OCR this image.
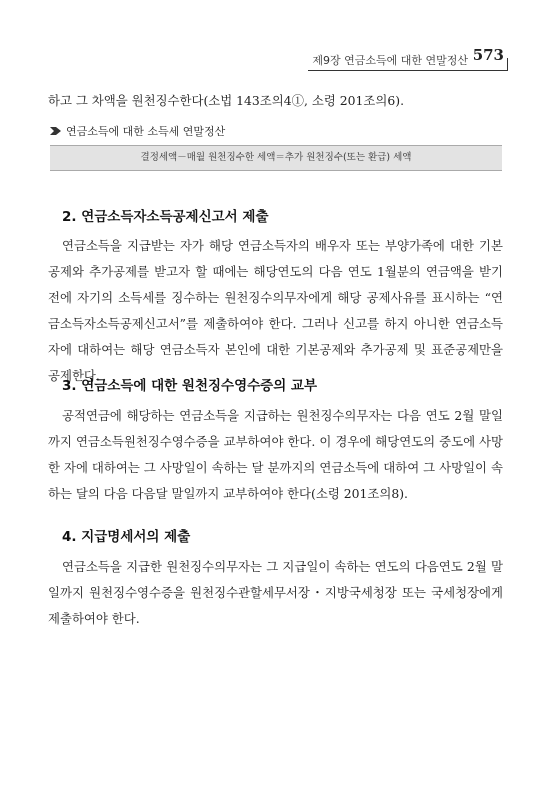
제9장 연금소득에 대한 연말정산 573

하고 그 차액을 원천징수한다(소법 143조의4①, 소령 201조의6).

연금소득에 대한 소득세 연말정산
결정세액－매월 원천징수한 세액＝추가 원천징수(또는 환급) 세액
2. 연금소득자소득공제신고서 제출

연금소득을 지급받는 자가 해당 연금소득자의 배우자 또는 부양가족에 대한 기본공제와 추가공제를 받고자 할 때에는 해당연도의 다음 연도 1월분의 연금액을 받기 전에 자기의 소득세를 징수하는 원천징수의무자에게 해당 공제사유를 표시하는 “연금소득자소득공제신고서”를 제출하여야 한다. 그러나 신고를 하지 아니한 연금소득자에 대하여는 해당 연금소득자 본인에 대한 기본공제와 추가공제 및 표준공제만을 공제한다.

3. 연금소득에 대한 원천징수영수증의 교부

공적연금에 해당하는 연금소득을 지급하는 원천징수의무자는 다음 연도 2월 말일까지 연금소득원천징수영수증을 교부하여야 한다. 이 경우에 해당연도의 중도에 사망한 자에 대하여는 그 사망일이 속하는 달 분까지의 연금소득에 대하여 그 사망일이 속하는 달의 다음 다음달 말일까지 교부하여야 한다(소령 201조의8).

4. 지급명세서의 제출

연금소득을 지급한 원천징수의무자는 그 지급일이 속하는 연도의 다음연도 2월 말일까지 원천징수영수증을 원천징수관할세무서장・지방국세청장 또는 국세청장에게 제출하여야 한다.
